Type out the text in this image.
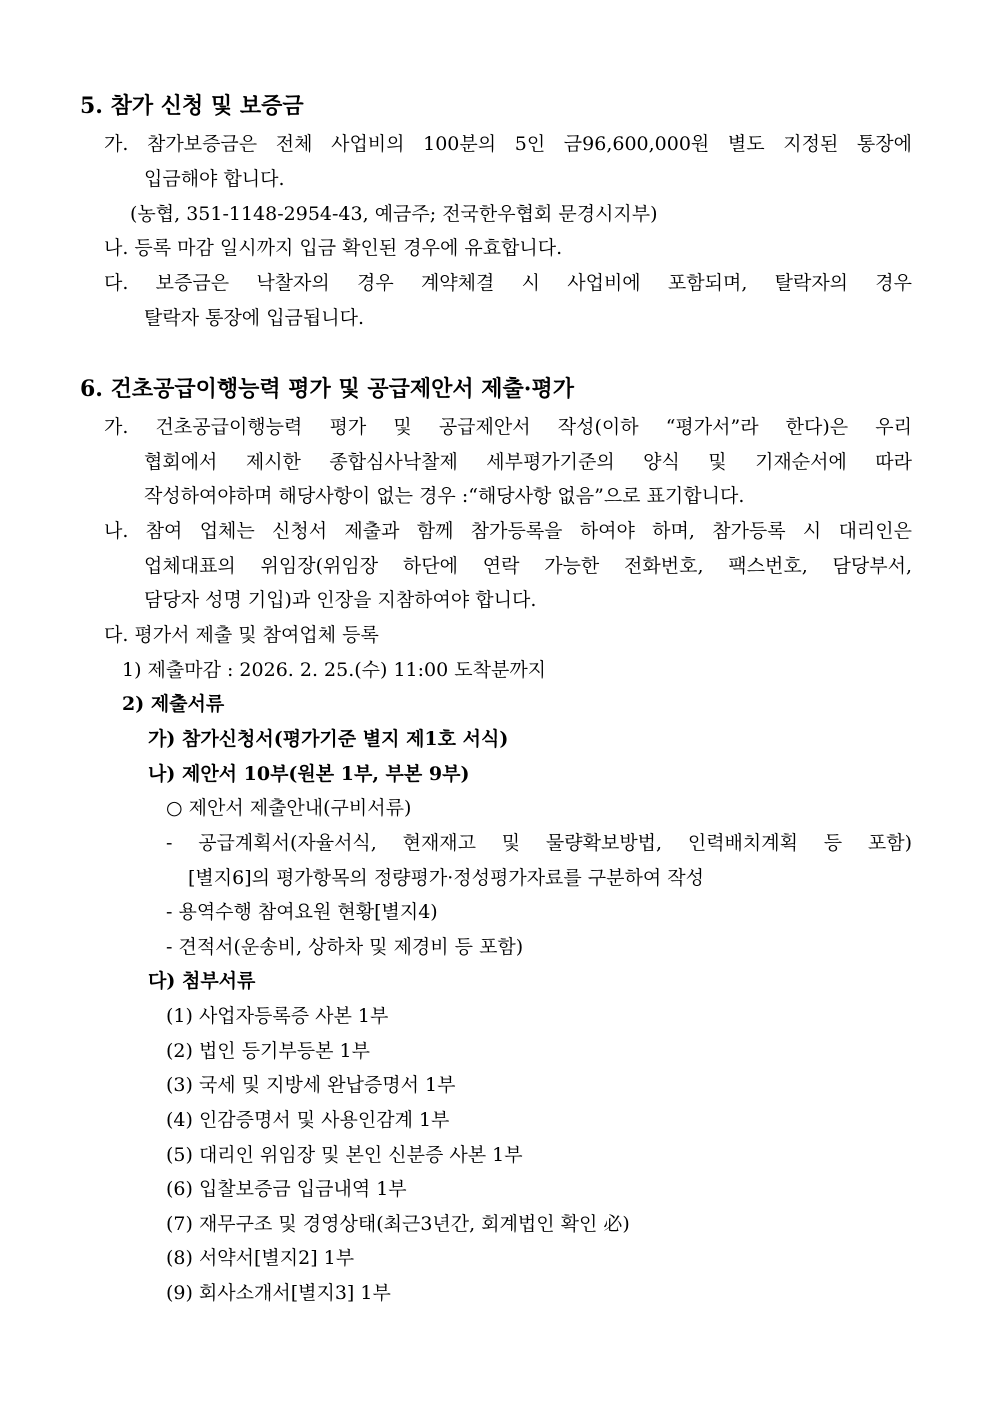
5. 참가 신청 및 보증금
가. 참가보증금은 전체 사업비의 100분의 5인 금96,600,000원 별도 지정된 통장에
입금해야 합니다.
(농협, 351-1148-2954-43, 예금주; 전국한우협회 문경시지부)
나. 등록 마감 일시까지 입금 확인된 경우에 유효합니다.
다. 보증금은 낙찰자의 경우 계약체결 시 사업비에 포함되며, 탈락자의 경우
탈락자 통장에 입금됩니다.
6. 건초공급이행능력 평가 및 공급제안서 제출·평가
가. 건초공급이행능력 평가 및 공급제안서 작성(이하 “평가서”라 한다)은 우리
협회에서 제시한 종합심사낙찰제 세부평가기준의 양식 및 기재순서에 따라
작성하여야하며 해당사항이 없는 경우 :“해당사항 없음”으로 표기합니다.
나. 참여 업체는 신청서 제출과 함께 참가등록을 하여야 하며, 참가등록 시 대리인은
업체대표의 위임장(위임장 하단에 연락 가능한 전화번호, 팩스번호, 담당부서,
담당자 성명 기입)과 인장을 지참하여야 합니다.
다. 평가서 제출 및 참여업체 등록
1) 제출마감 : 2026. 2. 25.(수) 11:00 도착분까지
2) 제출서류
가) 참가신청서(평가기준 별지 제1호 서식)
나) 제안서 10부(원본 1부, 부본 9부)
○ 제안서 제출안내(구비서류)
- 공급계획서(자율서식, 현재재고 및 물량확보방법, 인력배치계획 등 포함)
[별지6]의 평가항목의 정량평가·정성평가자료를 구분하여 작성
- 용역수행 참여요원 현황[별지4)
- 견적서(운송비, 상하차 및 제경비 등 포함)
다) 첨부서류
(1) 사업자등록증 사본 1부
(2) 법인 등기부등본 1부
(3) 국세 및 지방세 완납증명서 1부
(4) 인감증명서 및 사용인감계 1부
(5) 대리인 위임장 및 본인 신분증 사본 1부
(6) 입찰보증금 입금내역 1부
(7) 재무구조 및 경영상태(최근3년간, 회계법인 확인 必)
(8) 서약서[별지2] 1부
(9) 회사소개서[별지3] 1부
